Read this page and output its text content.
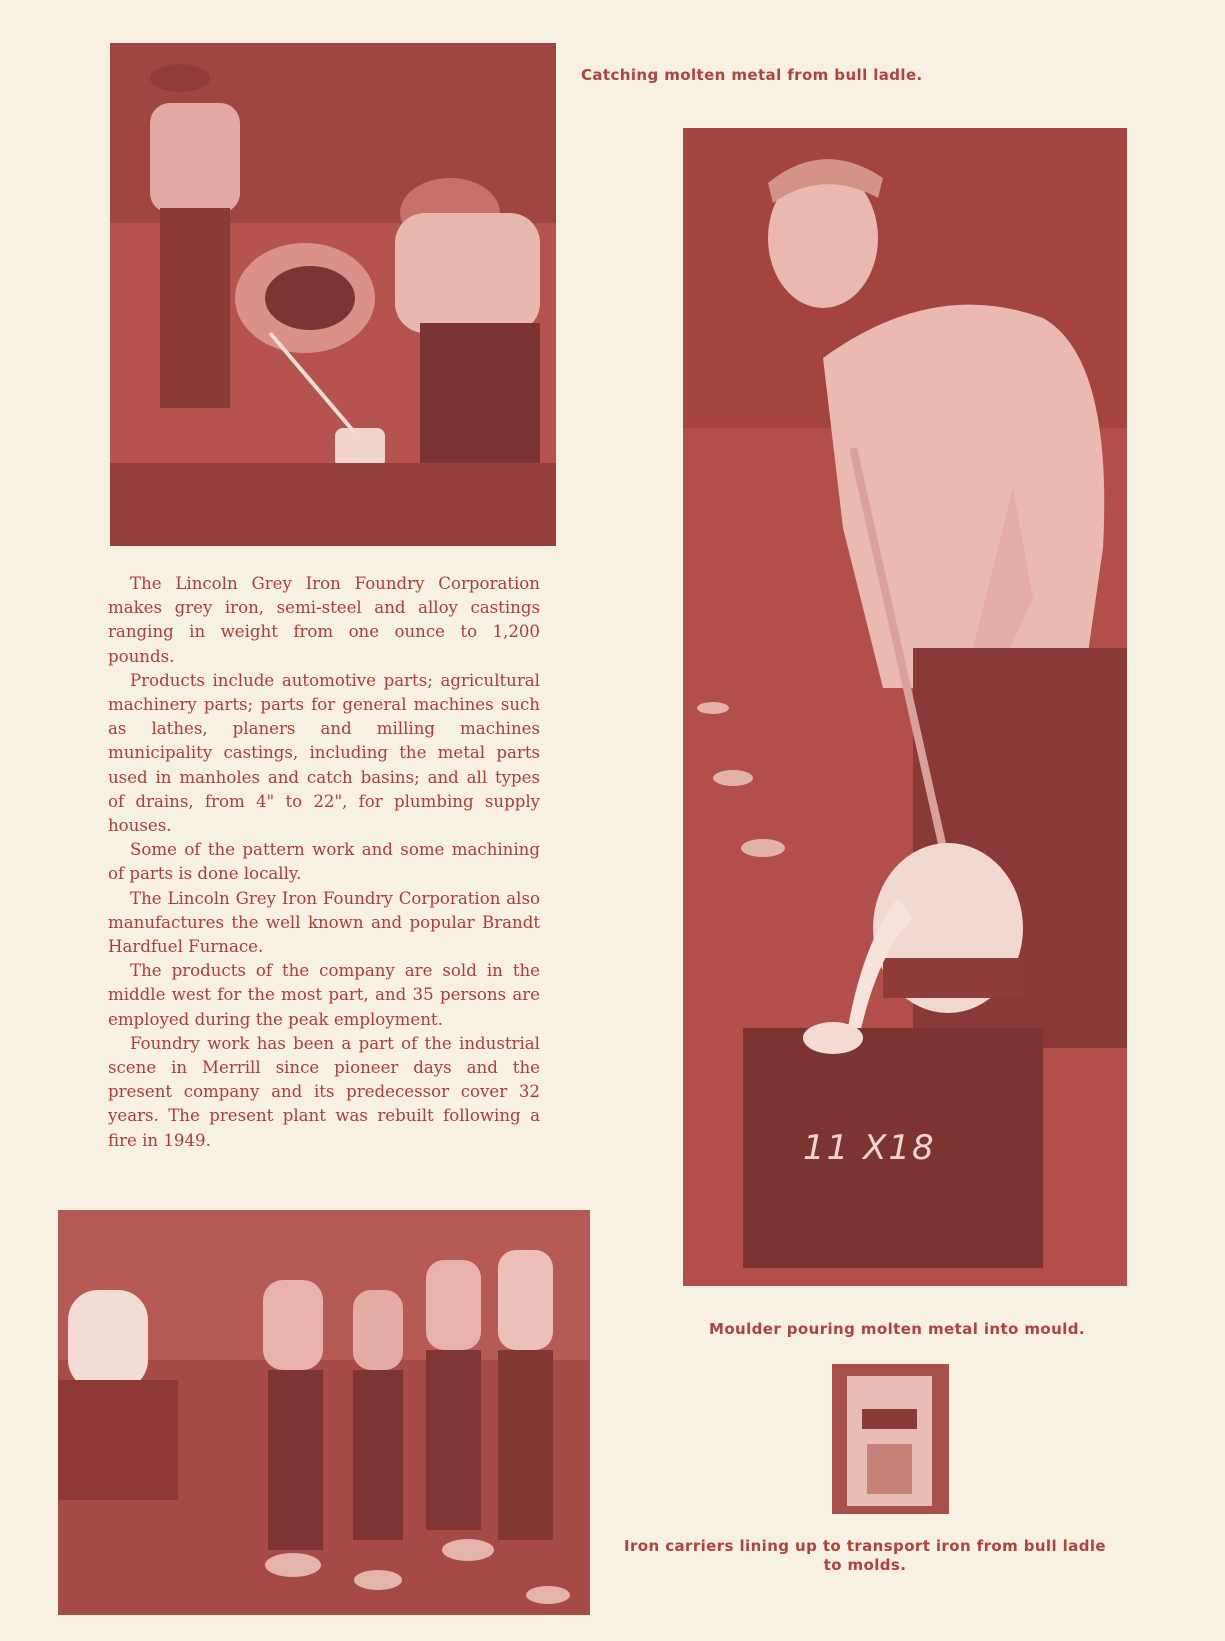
Catching molten metal from bull ladle.
11 X18

The Lincoln Grey Iron Foundry Corporation makes grey iron, semi-steel and alloy castings ranging in weight from one ounce to 1,200 pounds.

Products include automotive parts; agricultural machinery parts; parts for general machines such as lathes, planers and milling machines municipality castings, including the metal parts used in manholes and catch basins; and all types of drains, from 4" to 22", for plumbing supply houses.

Some of the pattern work and some machining of parts is done locally.

The Lincoln Grey Iron Foundry Corporation also manufactures the well known and popular Brandt Hardfuel Furnace.

The products of the company are sold in the middle west for the most part, and 35 persons are employed during the peak employment.

Foundry work has been a part of the industrial scene in Merrill since pioneer days and the present company and its predecessor cover 32 years. The present plant was rebuilt following a fire in 1949.

Moulder pouring molten metal into mould.
Iron carriers lining up to transport iron from bull ladle to molds.
